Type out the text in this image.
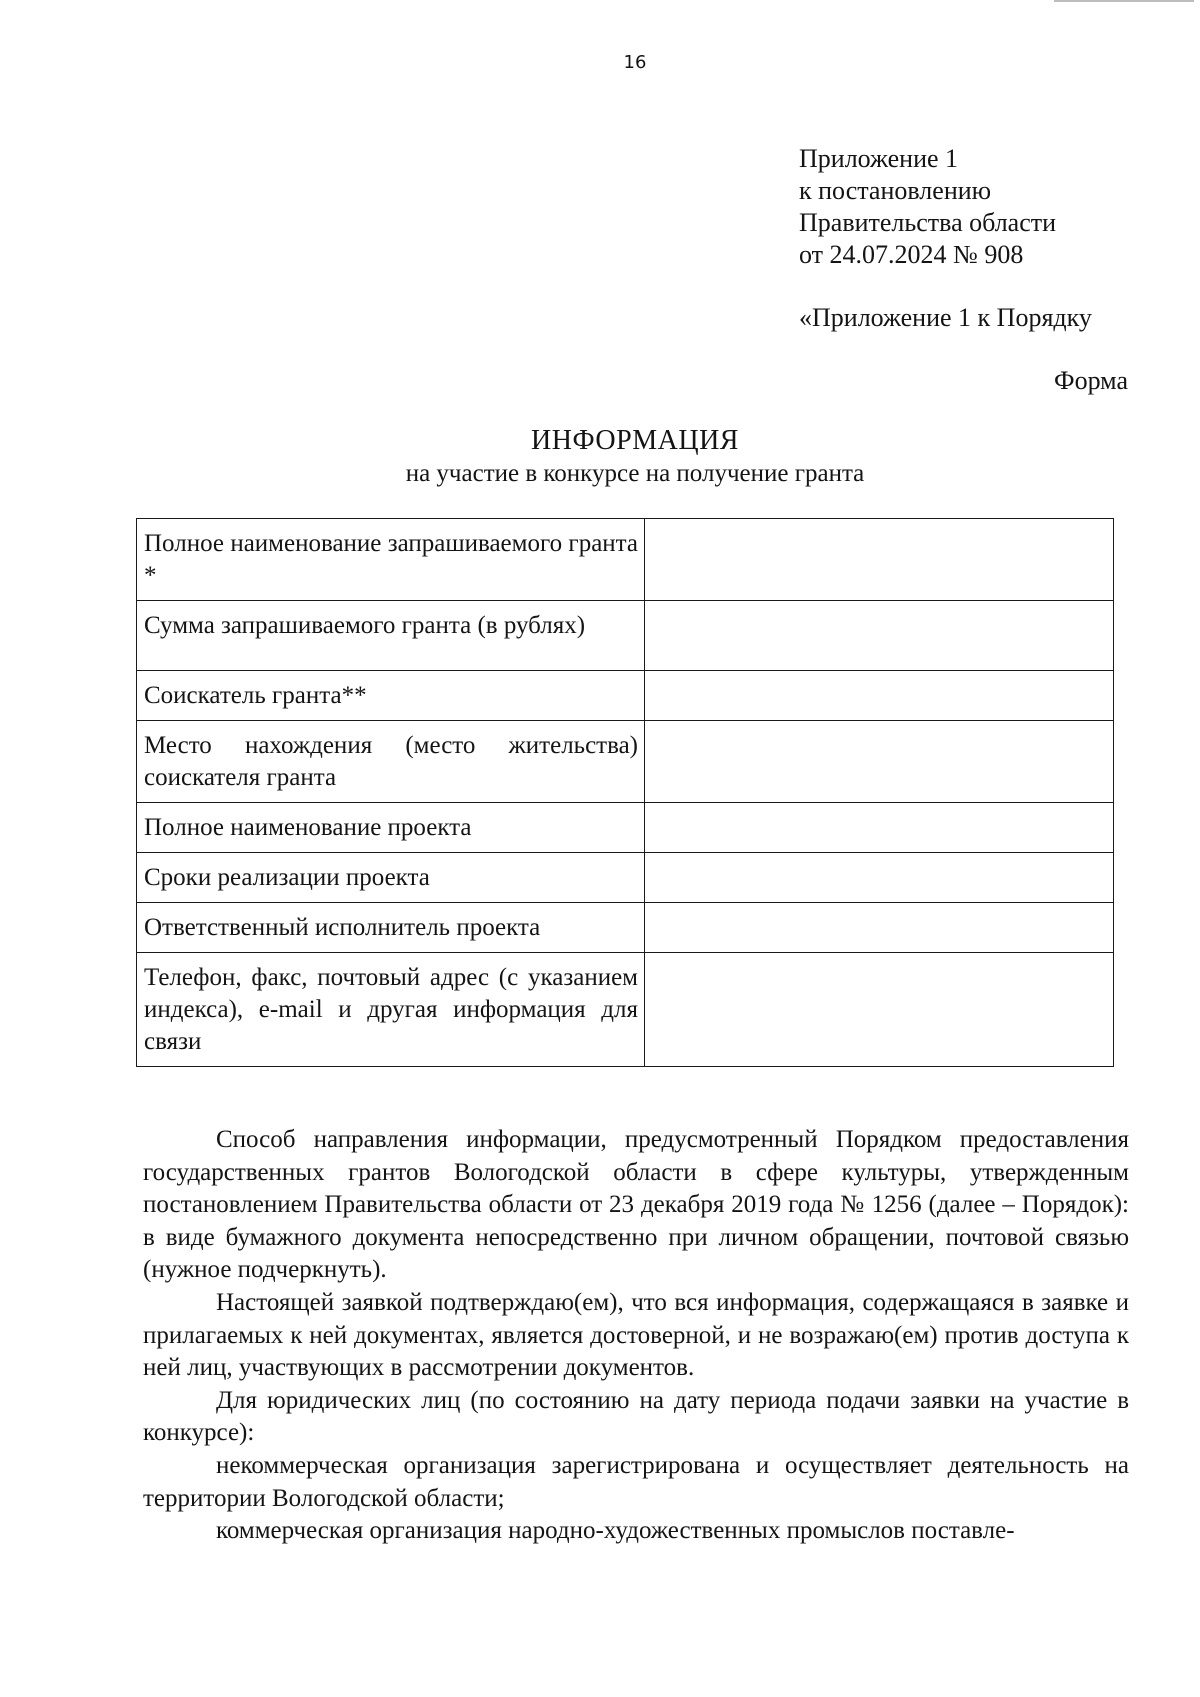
16
Приложение 1
к постановлению
Правительства области
от 24.07.2024 № 908
«Приложение 1 к Порядку
Форма
ИНФОРМАЦИЯ
на участие в конкурсе на получение гранта
Полное наименование запрашиваемого гранта *	
Сумма запрашиваемого гранта (в рублях)	
Соискатель гранта**	
Место нахождения (место жительства) соискателя гранта	
Полное наименование проекта	
Сроки реализации проекта	
Ответственный исполнитель проекта	
Телефон, факс, почтовый адрес (с указанием индекса), e-mail и другая информация для связи	

Способ направления информации, предусмотренный Порядком предоставления государственных грантов Вологодской области в сфере культуры, утвержденным постановлением Правительства области от 23 декабря 2019 года № 1256 (далее – Порядок): в виде бумажного документа непосредственно при личном обращении, почтовой связью (нужное подчеркнуть).

Настоящей заявкой подтверждаю(ем), что вся информация, содержащаяся в заявке и прилагаемых к ней документах, является достоверной, и не возражаю(ем) против доступа к ней лиц, участвующих в рассмотрении документов.

Для юридических лиц (по состоянию на дату периода подачи заявки на участие в конкурсе):

некоммерческая организация зарегистрирована и осуществляет деятельность на территории Вологодской области;

коммерческая организация народно-художественных промыслов поставле-
